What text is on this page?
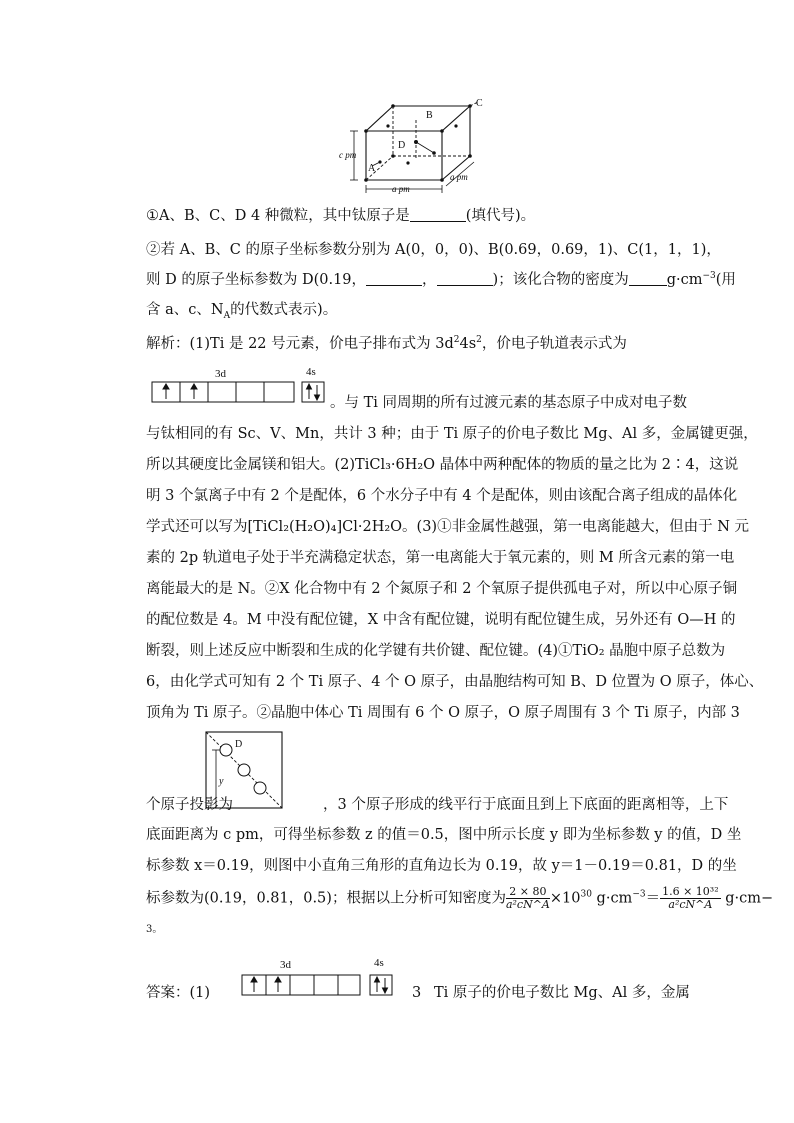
B
C
D
A
c pm
a pm
a pm
①A、B、C、D 4 种微粒，其中钛原子是	(填代号)。
②若 A、B、C 的原子坐标参数分别为 A(0，0，0)、B(0.69，0.69，1)、C(1，1，1)，
则 D 的原子坐标参数为 D(0.19，	，	)；该化合物的密度为	$g\cdot cm^{-3}$(用
含 a、c、$N_A$的代数式表示)。
解析：(1)Ti 是 22 号元素，价电子排布式为 $3d^24s^2$，价电子轨道表示式为
3d	4s
。与 Ti 同周期的所有过渡元素的基态原子中成对电子数
与钛相同的有 Sc、V、Mn，共计 3 种；由于 Ti 原子的价电子数比 Mg、Al 多，金属键更强，
所以其硬度比金属镁和铝大。(2)TiCl₃·6H₂O 晶体中两种配体的物质的量之比为 2∶4，这说
明 3 个氯离子中有 2 个是配体，6 个水分子中有 4 个是配体，则由该配合离子组成的晶体化
学式还可以写为[TiCl₂(H₂O)₄]Cl·2H₂O。(3)①非金属性越强，第一电离能越大，但由于 N 元
素的 2p 轨道电子处于半充满稳定状态，第一电离能大于氧元素的，则 M 所含元素的第一电
离能最大的是 N。②X 化合物中有 2 个氮原子和 2 个氧原子提供孤电子对，所以中心原子铜
的配位数是 4。M 中没有配位键，X 中含有配位键，说明有配位键生成，另外还有 O—H 的
断裂，则上述反应中断裂和生成的化学键有共价键、配位键。(4)①TiO₂ 晶胞中原子总数为
6，由化学式可知有 2 个 Ti 原子、4 个 O 原子，由晶胞结构可知 B、D 位置为 O 原子，体心、
顶角为 Ti 原子。②晶胞中体心 Ti 周围有 6 个 O 原子，O 原子周围有 3 个 Ti 原子，内部 3
D
y
个原子投影为	，3 个原子形成的线平行于底面且到上下底面的距离相等，上下
底面距离为 c pm，可得坐标参数 z 的值＝0.5，图中所示长度 y 即为坐标参数 y 的值，D 坐
标参数 x＝0.19，则图中小直角三角形的直角边长为 0.19，故 y＝1－0.19＝0.81，D 的坐
标参数为(0.19，0.81，0.5)；根据以上分析可知密度为 $\frac{2 \times 80}{\text{a²cN\textasciicircum{}A}} \times 10^{30}$ $g\cdot cm^{-3}= \frac{\text{1.6 × 10³²}}{\text{a²cN\textasciicircum{}A}} g\cdot cm-$
3。
答案：(1)
3d	4s
3 Ti 原子的价电子数比 Mg、Al 多，金属
